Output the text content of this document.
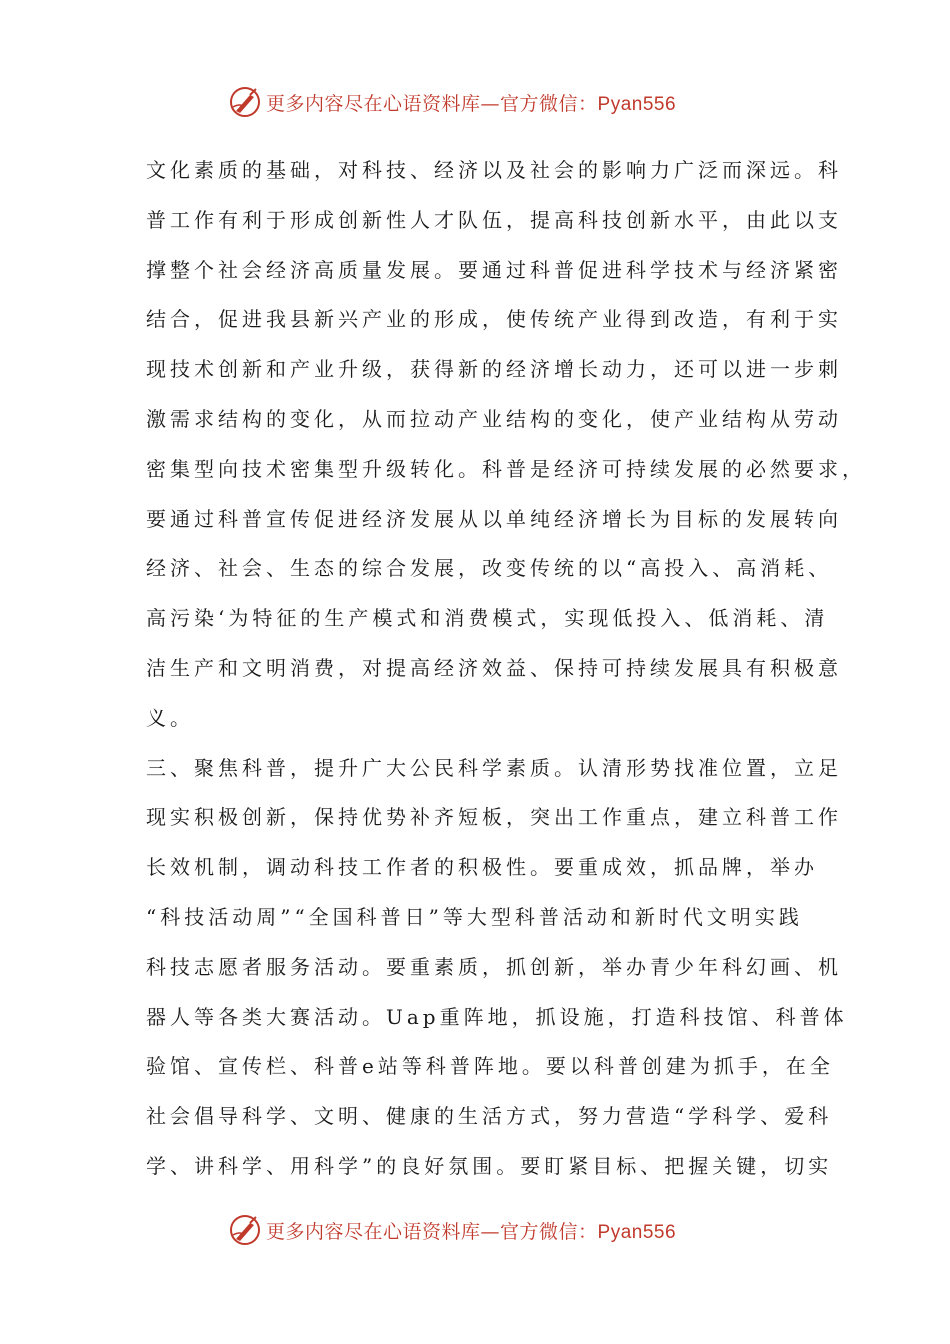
更多内容尽在心语资料库—官方微信：Pyan556
文化素质的基础，对科技、经济以及社会的影响力广泛而深远。科
普工作有利于形成创新性人才队伍，提高科技创新水平，由此以支
撑整个社会经济高质量发展。要通过科普促进科学技术与经济紧密
结合，促进我县新兴产业的形成，使传统产业得到改造，有利于实
现技术创新和产业升级，获得新的经济增长动力，还可以进一步刺
激需求结构的变化，从而拉动产业结构的变化，使产业结构从劳动
密集型向技术密集型升级转化。科普是经济可持续发展的必然要求，
要通过科普宣传促进经济发展从以单纯经济增长为目标的发展转向
经济、社会、生态的综合发展，改变传统的以“高投入、高消耗、
高污染‘为特征的生产模式和消费模式，实现低投入、低消耗、清
洁生产和文明消费，对提高经济效益、保持可持续发展具有积极意
义。
三、聚焦科普，提升广大公民科学素质。认清形势找准位置，立足
现实积极创新，保持优势补齐短板，突出工作重点，建立科普工作
长效机制，调动科技工作者的积极性。要重成效，抓品牌，举办
“科技活动周”“全国科普日”等大型科普活动和新时代文明实践
科技志愿者服务活动。要重素质，抓创新，举办青少年科幻画、机
器人等各类大赛活动。Uap重阵地，抓设施，打造科技馆、科普体
验馆、宣传栏、科普e站等科普阵地。要以科普创建为抓手，在全
社会倡导科学、文明、健康的生活方式，努力营造“学科学、爱科
学、讲科学、用科学”的良好氛围。要盯紧目标、把握关键，切实
更多内容尽在心语资料库—官方微信：Pyan556
